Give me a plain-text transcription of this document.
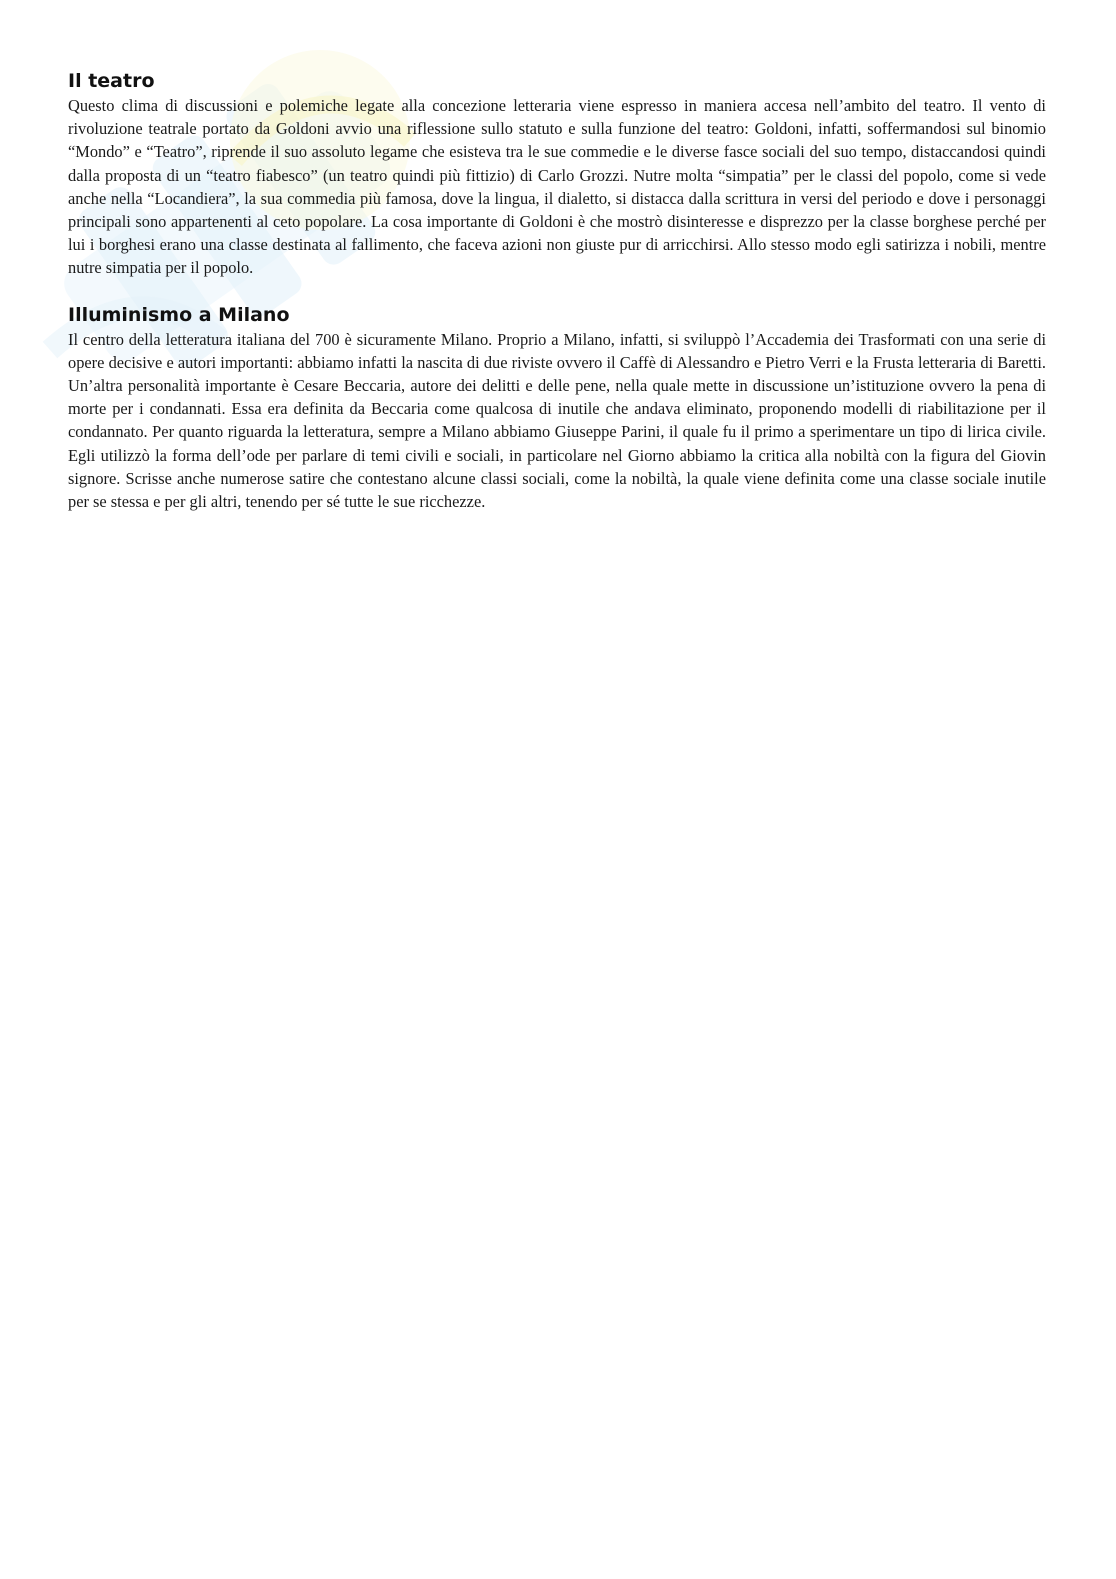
Il teatro

Questo clima di discussioni e polemiche legate alla concezione letteraria viene espresso in maniera accesa nell’ambito del teatro. Il vento di rivoluzione teatrale portato da Goldoni avvio una riflessione sullo statuto e sulla funzione del teatro: Goldoni, infatti, soffermandosi sul binomio “Mondo” e “Teatro”, riprende il suo assoluto legame che esisteva tra le sue commedie e le diverse fasce sociali del suo tempo, distaccandosi quindi dalla proposta di un “teatro fiabesco” (un teatro quindi più fittizio) di Carlo Grozzi. Nutre molta “simpatia” per le classi del popolo, come si vede anche nella “Locandiera”, la sua commedia più famosa, dove la lingua, il dialetto, si distacca dalla scrittura in versi del periodo e dove i personaggi principali sono appartenenti al ceto popolare. La cosa importante di Goldoni è che mostrò disinteresse e disprezzo per la classe borghese perché per lui i borghesi erano una classe destinata al fallimento, che faceva azioni non giuste pur di arricchirsi. Allo stesso modo egli satirizza i nobili, mentre nutre simpatia per il popolo.

Illuminismo a Milano

Il centro della letteratura italiana del 700 è sicuramente Milano. Proprio a Milano, infatti, si sviluppò l’Accademia dei Trasformati con una serie di opere decisive e autori importanti: abbiamo infatti la nascita di due riviste ovvero il Caffè di Alessandro e Pietro Verri e la Frusta letteraria di Baretti. Un’altra personalità importante è Cesare Beccaria, autore dei delitti e delle pene, nella quale mette in discussione un’istituzione ovvero la pena di morte per i condannati. Essa era definita da Beccaria come qualcosa di inutile che andava eliminato, proponendo modelli di riabilitazione per il condannato. Per quanto riguarda la letteratura, sempre a Milano abbiamo Giuseppe Parini, il quale fu il primo a sperimentare un tipo di lirica civile. Egli utilizzò la forma dell’ode per parlare di temi civili e sociali, in particolare nel Giorno abbiamo la critica alla nobiltà con la figura del Giovin signore. Scrisse anche numerose satire che contestano alcune classi sociali, come la nobiltà, la quale viene definita come una classe sociale inutile per se stessa e per gli altri, tenendo per sé tutte le sue ricchezze.
